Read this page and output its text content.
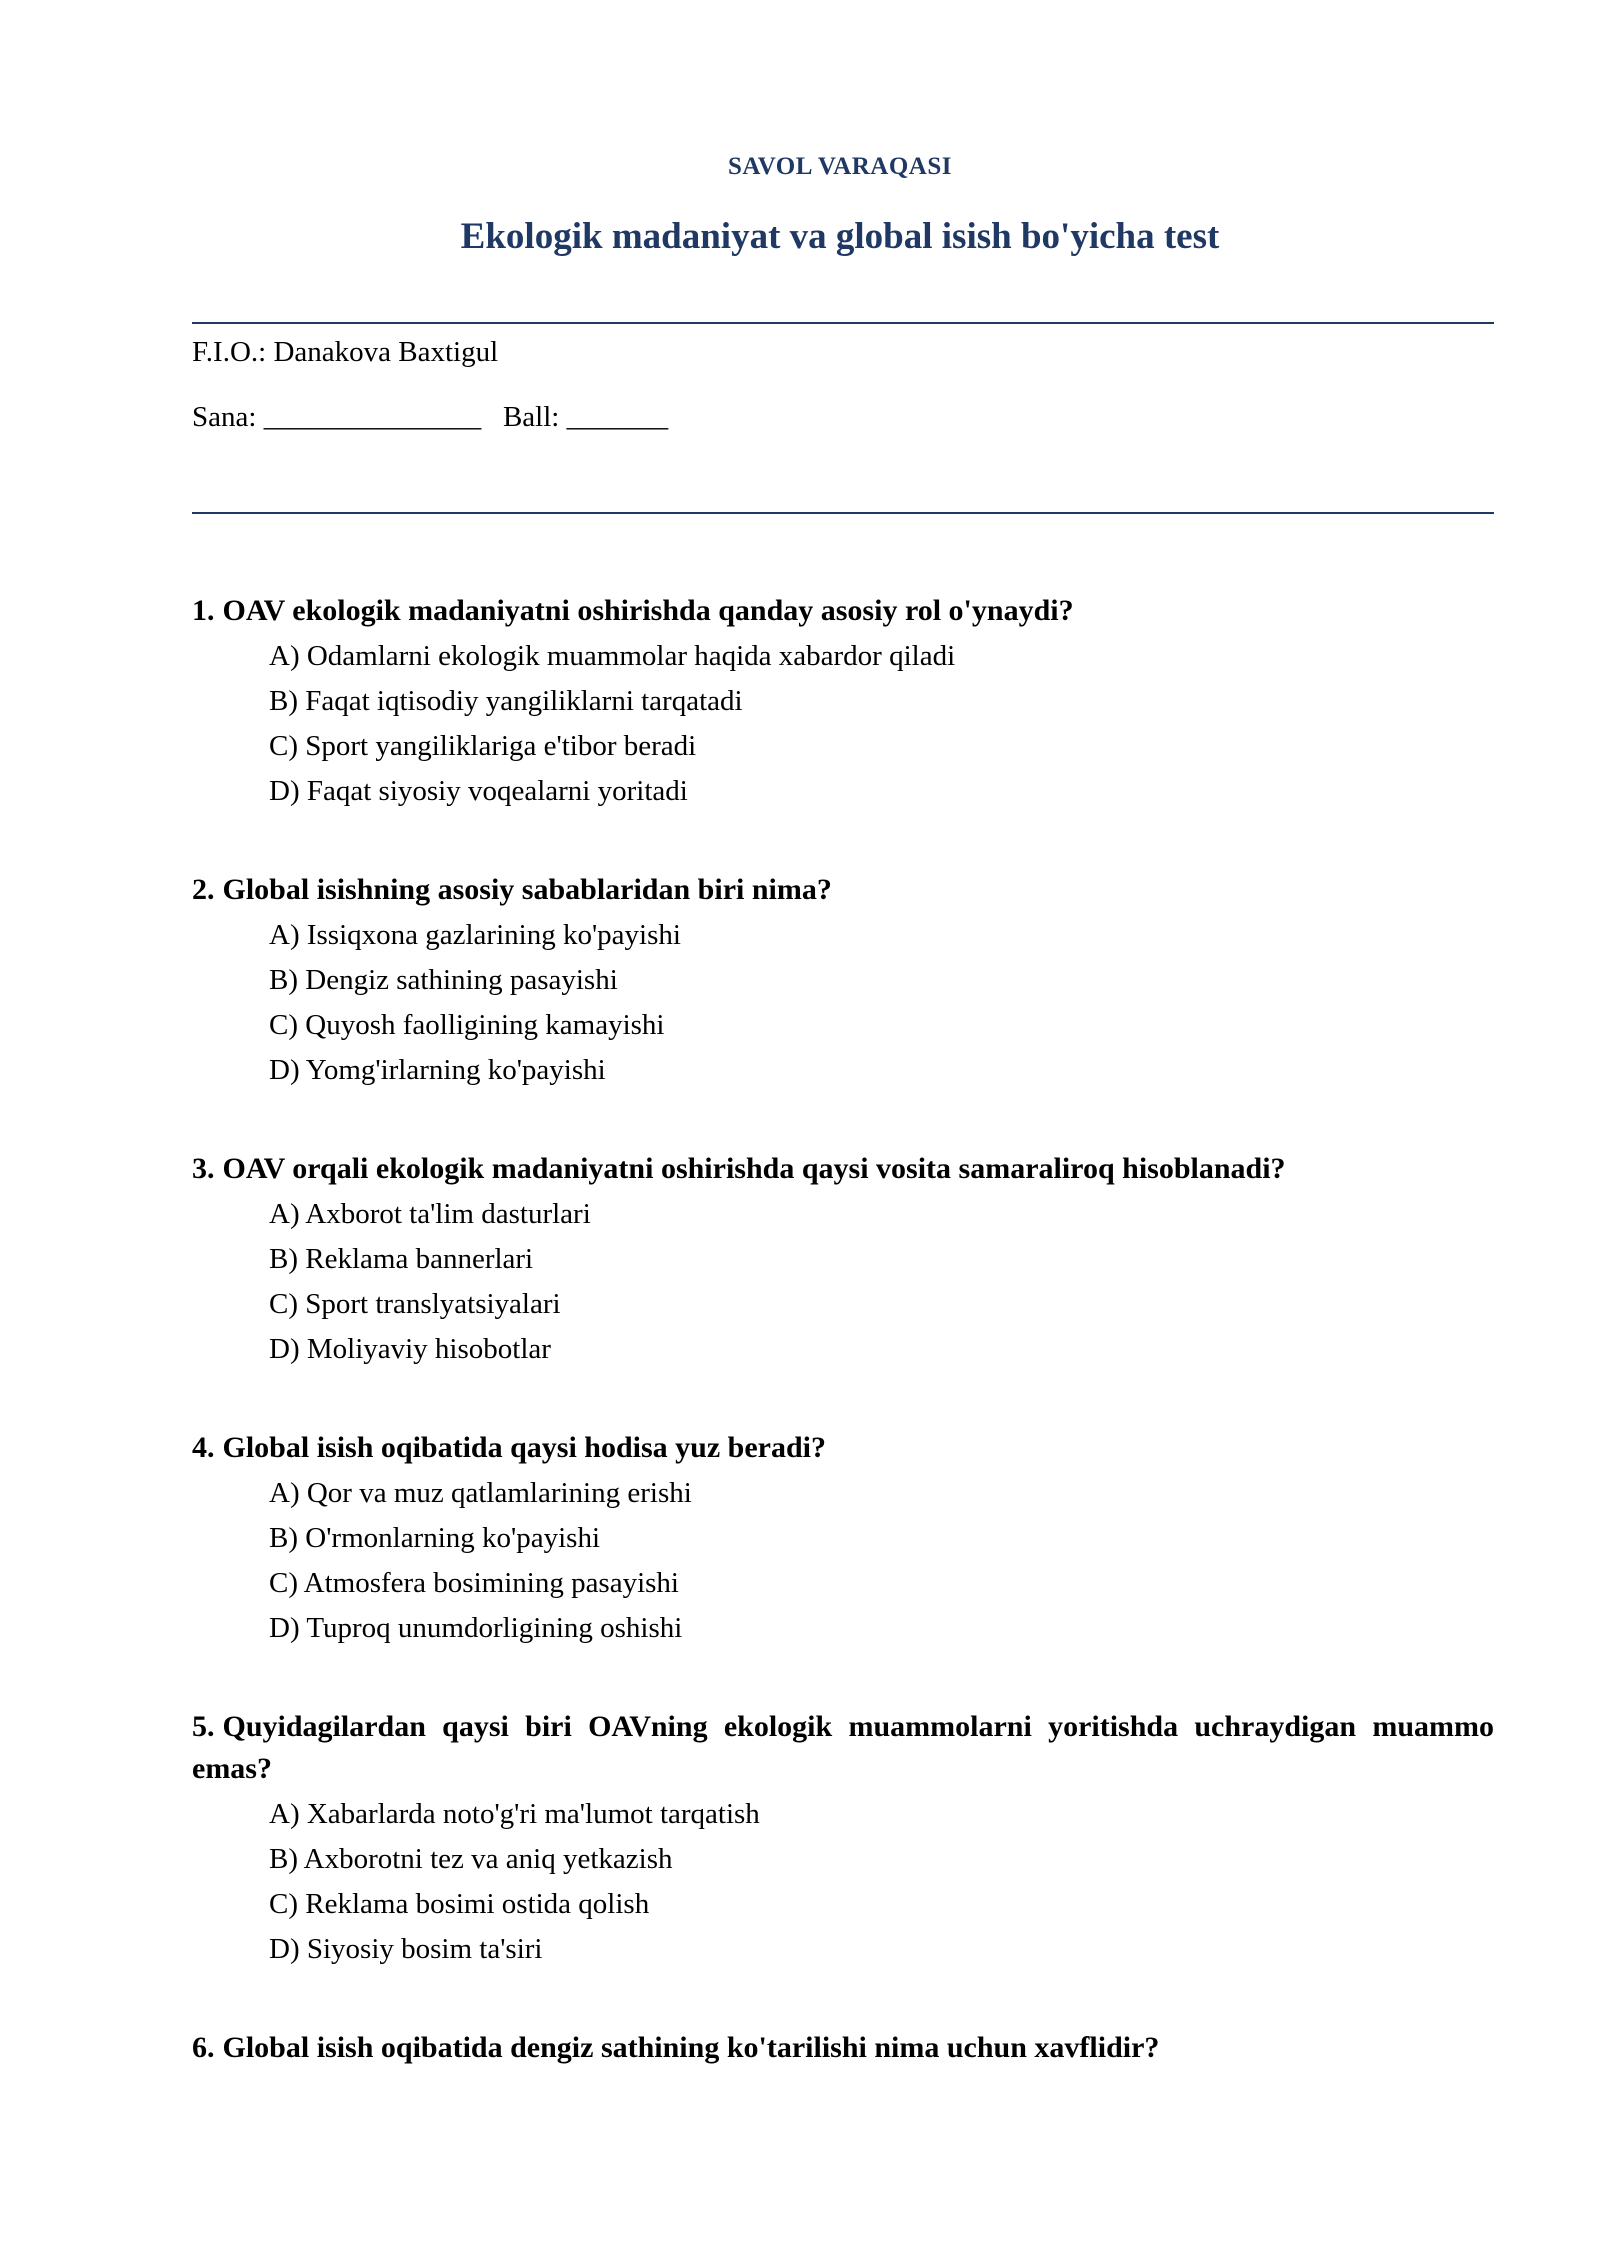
SAVOL VARAQASI
Ekologik madaniyat va global isish bo'yicha test
F.I.O.: Danakova Baxtigul
Sana: _______________ Ball: _______

1. OAV ekologik madaniyatni oshirishda qanday asosiy rol o'ynaydi?

A) Odamlarni ekologik muammolar haqida xabardor qiladi
B) Faqat iqtisodiy yangiliklarni tarqatadi
C) Sport yangiliklariga e'tibor beradi
D) Faqat siyosiy voqealarni yoritadi

2. Global isishning asosiy sabablaridan biri nima?

A) Issiqxona gazlarining ko'payishi
B) Dengiz sathining pasayishi
C) Quyosh faolligining kamayishi
D) Yomg'irlarning ko'payishi

3. OAV orqali ekologik madaniyatni oshirishda qaysi vosita samaraliroq hisoblanadi?

A) Axborot ta'lim dasturlari
B) Reklama bannerlari
C) Sport translyatsiyalari
D) Moliyaviy hisobotlar

4. Global isish oqibatida qaysi hodisa yuz beradi?

A) Qor va muz qatlamlarining erishi
B) O'rmonlarning ko'payishi
C) Atmosfera bosimining pasayishi
D) Tuproq unumdorligining oshishi

5. Quyidagilardan qaysi biri OAVning ekologik muammolarni yoritishda uchraydigan muammo emas?

A) Xabarlarda noto'g'ri ma'lumot tarqatish
B) Axborotni tez va aniq yetkazish
C) Reklama bosimi ostida qolish
D) Siyosiy bosim ta'siri

6. Global isish oqibatida dengiz sathining ko'tarilishi nima uchun xavflidir?
